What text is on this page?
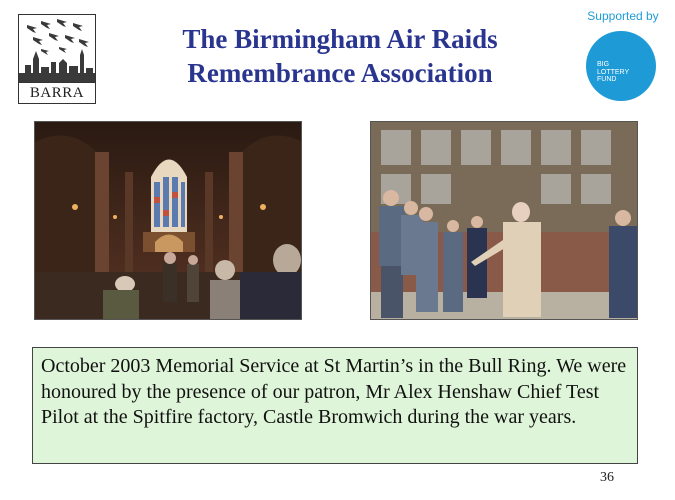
BARRA
The Birmingham Air Raids
Remembrance Association
Supported by
BIG
LOTTERY
FUND
October 2003 Memorial Service at St Martin’s in the Bull Ring. We were honoured by the presence of our patron, Mr Alex Henshaw Chief Test Pilot at the Spitfire factory, Castle Bromwich during the war years.
36
